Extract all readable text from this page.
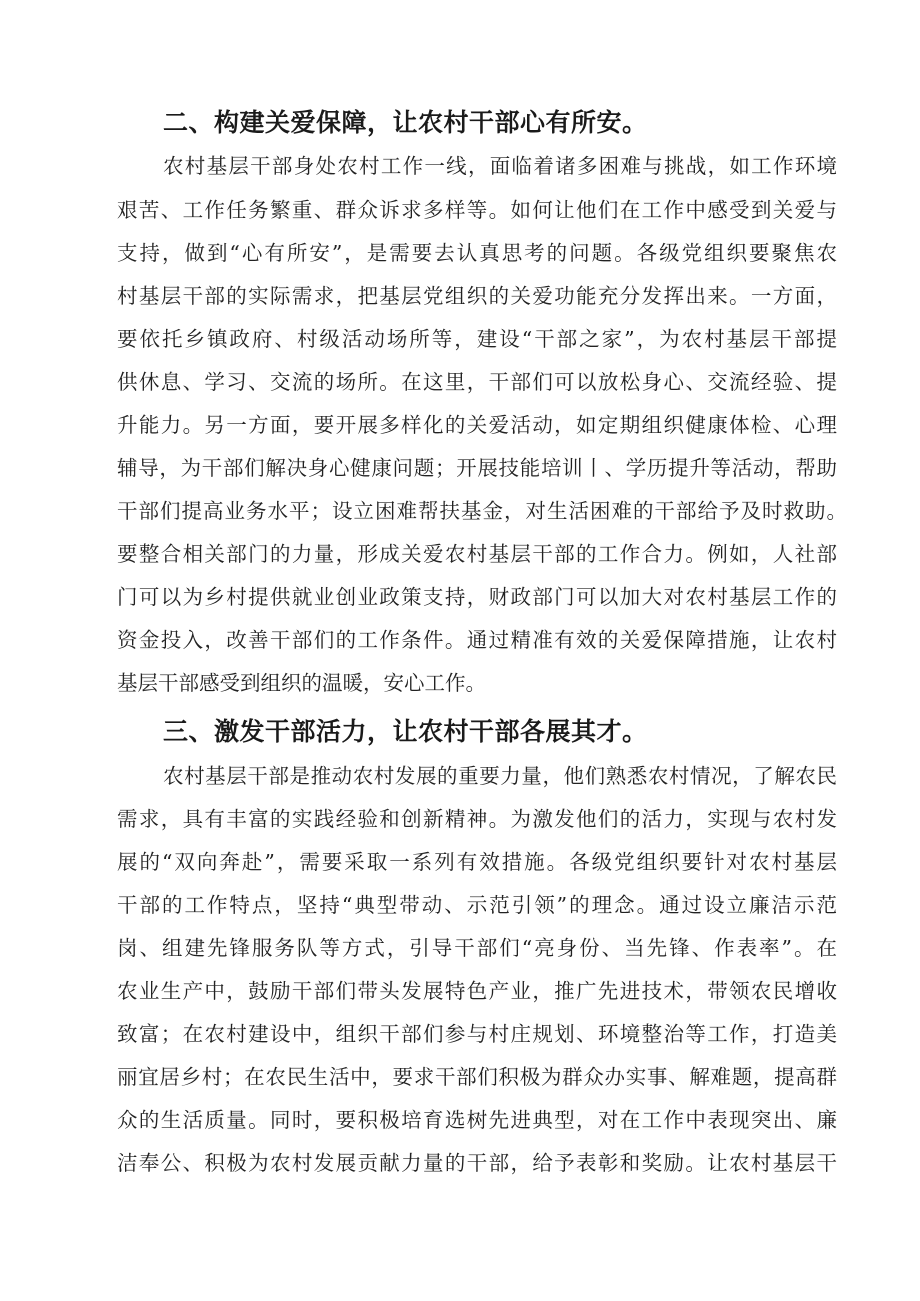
二、构建关爱保障，让农村干部心有所安。

农村基层干部身处农村工作一线，面临着诸多困难与挑战，如工作环境

艰苦、工作任务繁重、群众诉求多样等。如何让他们在工作中感受到关爱与

支持，做到“心有所安”，是需要去认真思考的问题。各级党组织要聚焦农

村基层干部的实际需求，把基层党组织的关爱功能充分发挥出来。一方面，

要依托乡镇政府、村级活动场所等，建设“干部之家”，为农村基层干部提

供休息、学习、交流的场所。在这里，干部们可以放松身心、交流经验、提

升能力。另一方面，要开展多样化的关爱活动，如定期组织健康体检、心理

辅导，为干部们解决身心健康问题；开展技能培训丨、学历提升等活动，帮助

干部们提高业务水平；设立困难帮扶基金，对生活困难的干部给予及时救助。

要整合相关部门的力量，形成关爱农村基层干部的工作合力。例如，人社部

门可以为乡村提供就业创业政策支持，财政部门可以加大对农村基层工作的

资金投入，改善干部们的工作条件。通过精准有效的关爱保障措施，让农村

基层干部感受到组织的温暖，安心工作。

三、激发干部活力，让农村干部各展其才。

农村基层干部是推动农村发展的重要力量，他们熟悉农村情况，了解农民

需求，具有丰富的实践经验和创新精神。为激发他们的活力，实现与农村发

展的“双向奔赴”，需要采取一系列有效措施。各级党组织要针对农村基层

干部的工作特点，坚持“典型带动、示范引领”的理念。通过设立廉洁示范

岗、组建先锋服务队等方式，引导干部们“亮身份、当先锋、作表率”。在

农业生产中，鼓励干部们带头发展特色产业，推广先进技术，带领农民增收

致富；在农村建设中，组织干部们参与村庄规划、环境整治等工作，打造美

丽宜居乡村；在农民生活中，要求干部们积极为群众办实事、解难题，提高群

众的生活质量。同时，要积极培育选树先进典型，对在工作中表现突出、廉

洁奉公、积极为农村发展贡献力量的干部，给予表彰和奖励。让农村基层干
